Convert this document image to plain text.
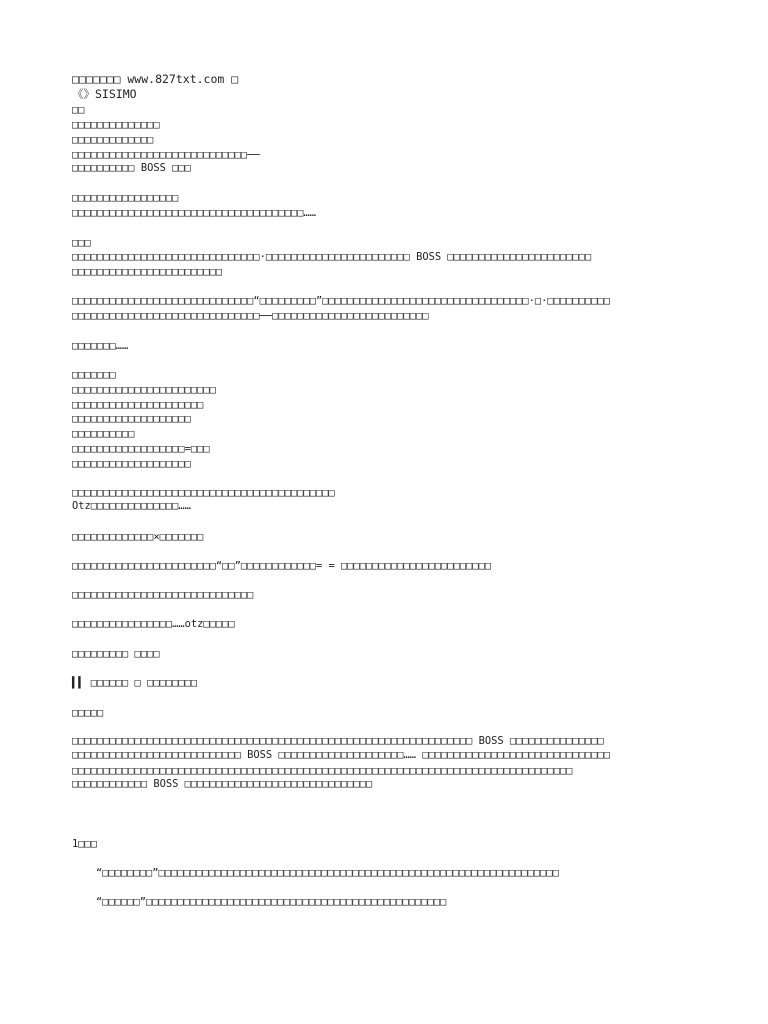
□□□□□□□ www.827txt.com □

《》SISIMO

□□

□□□□□□□□□□□□□□

□□□□□□□□□□□□□

□□□□□□□□□□□□□□□□□□□□□□□□□□□□──

□□□□□□□□□□ BOSS □□□

□□□□□□□□□□□□□□□□□

□□□□□□□□□□□□□□□□□□□□□□□□□□□□□□□□□□□□□……

□□□

□□□□□□□□□□□□□□□□□□□□□□□□□□□□□□·□□□□□□□□□□□□□□□□□□□□□□□ BOSS □□□□□□□□□□□□□□□□□□□□□□□

□□□□□□□□□□□□□□□□□□□□□□□□

□□□□□□□□□□□□□□□□□□□□□□□□□□□□□“□□□□□□□□□”□□□□□□□□□□□□□□□□□□□□□□□□□□□□□□□□□·□·□□□□□□□□□□

□□□□□□□□□□□□□□□□□□□□□□□□□□□□□□──□□□□□□□□□□□□□□□□□□□□□□□□□

□□□□□□□……

□□□□□□□

□□□□□□□□□□□□□□□□□□□□□□□

□□□□□□□□□□□□□□□□□□□□□

□□□□□□□□□□□□□□□□□□□

□□□□□□□□□□

□□□□□□□□□□□□□□□□□□=□□□

□□□□□□□□□□□□□□□□□□□

□□□□□□□□□□□□□□□□□□□□□□□□□□□□□□□□□□□□□□□□□□

Otz□□□□□□□□□□□□□□……

□□□□□□□□□□□□□×□□□□□□□

□□□□□□□□□□□□□□□□□□□□□□□“□□”□□□□□□□□□□□□= = □□□□□□□□□□□□□□□□□□□□□□□□

□□□□□□□□□□□□□□□□□□□□□□□□□□□□□

□□□□□□□□□□□□□□□□……otz□□□□□

□□□□□□□□□ □□□□

▍▍ □□□□□□ □ □□□□□□□□

□□□□□

□□□□□□□□□□□□□□□□□□□□□□□□□□□□□□□□□□□□□□□□□□□□□□□□□□□□□□□□□□□□□□□□ BOSS □□□□□□□□□□□□□□□

□□□□□□□□□□□□□□□□□□□□□□□□□□□ BOSS □□□□□□□□□□□□□□□□□□□□…… □□□□□□□□□□□□□□□□□□□□□□□□□□□□□□

□□□□□□□□□□□□□□□□□□□□□□□□□□□□□□□□□□□□□□□□□□□□□□□□□□□□□□□□□□□□□□□□□□□□□□□□□□□□□□□□

□□□□□□□□□□□□ BOSS □□□□□□□□□□□□□□□□□□□□□□□□□□□□□□

1□□□

“□□□□□□□□”□□□□□□□□□□□□□□□□□□□□□□□□□□□□□□□□□□□□□□□□□□□□□□□□□□□□□□□□□□□□□□□□

“□□□□□□”□□□□□□□□□□□□□□□□□□□□□□□□□□□□□□□□□□□□□□□□□□□□□□□□
